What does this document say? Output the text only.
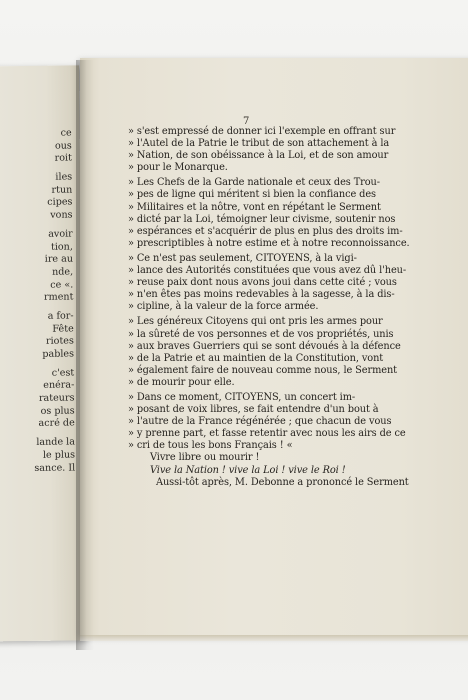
ce
ous
roit
iles
rtun
cipes
vons
avoir
tion,
ire au
nde,
ce «.
rment
a for-
Fête
riotes
pables
c'est
enéra-
rateurs
os plus
acré de
lande la
le plus
sance. Il
7
» s'est empressé de donner ici l'exemple en offrant sur
» l'Autel de la Patrie le tribut de son attachement à la
» Nation, de son obéissance à la Loi, et de son amour
» pour le Monarque.
» Les Chefs de la Garde nationale et ceux des Trou-
» pes de ligne qui méritent si bien la confiance des
» Militaires et la nôtre, vont en répétant le Serment
» dicté par la Loi, témoigner leur civisme, soutenir nos
» espérances et s'acquérir de plus en plus des droits im-
» prescriptibles à notre estime et à notre reconnoissance.
» Ce n'est pas seulement, CITOYENS, à la vigi-
» lance des Autorités constituées que vous avez dû l'heu-
» reuse paix dont nous avons joui dans cette cité ; vous
» n'en êtes pas moins redevables à la sagesse, à la dis-
» cipline, à la valeur de la force armée.
» Les généreux Citoyens qui ont pris les armes pour
» la sûreté de vos personnes et de vos propriétés, unis
» aux braves Guerriers qui se sont dévoués à la défence
» de la Patrie et au maintien de la Constitution, vont
» également faire de nouveau comme nous, le Serment
» de mourir pour elle.
» Dans ce moment, CITOYENS, un concert im-
» posant de voix libres, se fait entendre d'un bout à
» l'autre de la France régénérée ; que chacun de vous
» y prenne part, et fasse retentir avec nous les airs de ce
» cri de tous les bons Français ! «
Vivre libre ou mourir !
Vive la Nation ! vive la Loi ! vive le Roi !
Aussi-tôt après, M. Debonne a prononcé le Serment
